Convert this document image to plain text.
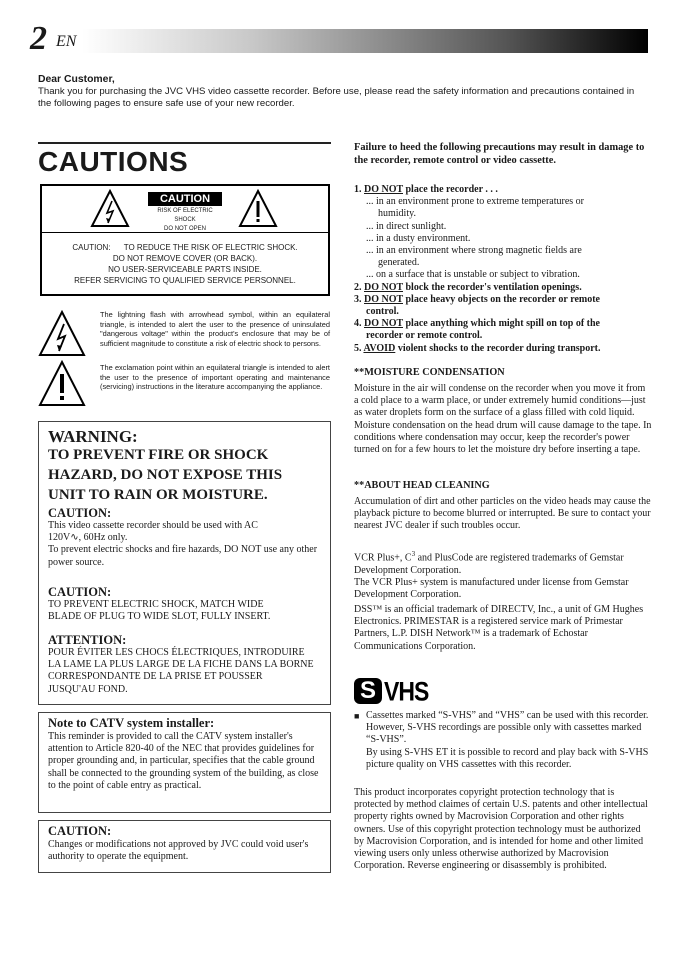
2 EN
Dear Customer,
Thank you for purchasing the JVC VHS video cassette recorder. Before use, please read the safety information and precautions contained in the following pages to ensure safe use of your new recorder.
CAUTIONS
CAUTION
RISK OF ELECTRIC SHOCK
DO NOT OPEN
CAUTION:      TO REDUCE THE RISK OF ELECTRIC SHOCK.
DO NOT REMOVE COVER (OR BACK).
NO USER-SERVICEABLE PARTS INSIDE.
REFER SERVICING TO QUALIFIED SERVICE PERSONNEL.
The lightning flash with arrowhead symbol, within an equilateral triangle, is intended to alert the user to the presence of uninsulated "dangerous voltage" within the product's enclosure that may be of sufficient magnitude to constitute a risk of electric shock to persons.
The exclamation point within an equilateral triangle is intended to alert the user to the presence of important operating and maintenance (servicing) instructions in the literature accompanying the appliance.
WARNING:
TO PREVENT FIRE OR SHOCK
HAZARD, DO NOT EXPOSE THIS
UNIT TO RAIN OR MOISTURE.
CAUTION:
This video cassette recorder should be used with AC
120V∿, 60Hz only.
To prevent electric shocks and fire hazards, DO NOT use any other power source.
CAUTION:
TO PREVENT ELECTRIC SHOCK, MATCH WIDE
BLADE OF PLUG TO WIDE SLOT, FULLY INSERT.
ATTENTION:
POUR ÉVITER LES CHOCS ÉLECTRIQUES, INTRODUIRE
LA LAME LA PLUS LARGE DE LA FICHE DANS LA BORNE
CORRESPONDANTE DE LA PRISE ET POUSSER
JUSQU'AU FOND.
Note to CATV system installer:
This reminder is provided to call the CATV system installer's attention to Article 820-40 of the NEC that provides guidelines for proper grounding and, in particular, specifies that the cable ground shall be connected to the grounding system of the building, as close to the point of cable entry as practical.
CAUTION:
Changes or modifications not approved by JVC could void user's authority to operate the equipment.
Failure to heed the following precautions may result in damage to the recorder, remote control or video cassette.
1. DO NOT place the recorder . . .
... in an environment prone to extreme temperatures or
humidity.
... in direct sunlight.
... in a dusty environment.
... in an environment where strong magnetic fields are
generated.
... on a surface that is unstable or subject to vibration.
2. DO NOT block the recorder's ventilation openings.
3. DO NOT place heavy objects on the recorder or remote
control.
4. DO NOT place anything which might spill on top of the
recorder or remote control.
5. AVOID violent shocks to the recorder during transport.
**MOISTURE CONDENSATION
Moisture in the air will condense on the recorder when you move it from a cold place to a warm place, or under extremely humid conditions—just as water droplets form on the surface of a glass filled with cold liquid. Moisture condensation on the head drum will cause damage to the tape. In conditions where condensation may occur, keep the recorder's power turned on for a few hours to let the moisture dry before inserting a tape.
**ABOUT HEAD CLEANING
Accumulation of dirt and other particles on the video heads may cause the playback picture to become blurred or interrupted. Be sure to contact your nearest JVC dealer if such troubles occur.
VCR Plus+, $C^3$ and PlusCode are registered trademarks of Gemstar Development Corporation.
The VCR Plus+ system is manufactured under license from Gemstar Development Corporation.
DSS™ is an official trademark of DIRECTV, Inc., a unit of GM Hughes Electronics. PRIMESTAR is a registered service mark of Primestar Partners, L.P. DISH Network™ is a trademark of Echostar Communications Corporation.
S VHS
■ Cassettes marked “S-VHS” and “VHS” can be used with this recorder. However, S-VHS recordings are possible only with cassettes marked “S-VHS”.
By using S-VHS ET it is possible to record and play back with S-VHS picture quality on VHS cassettes with this recorder.
This product incorporates copyright protection technology that is protected by method claimes of certain U.S. patents and other intellectual property rights owned by Macrovision Corporation and other rights owners. Use of this copyright protection technology must be authorized by Macrovision Corporation, and is intended for home and other limited viewing users only unless otherwise authorized by Macrovision Corporation. Reverse engineering or disassembly is prohibited.
